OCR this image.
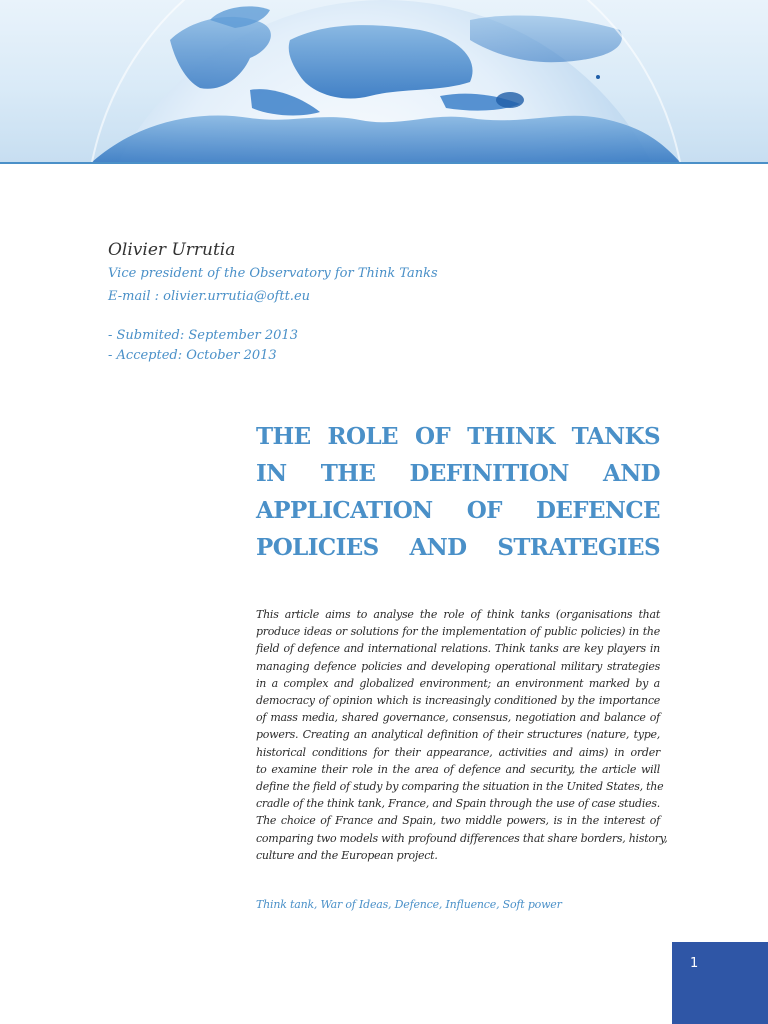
Olivier Urrutia
Vice president of the Observatory for Think Tanks
E-mail : olivier.urrutia@oftt.eu
- Submited: September 2013
- Accepted: October 2013
THE ROLE OF THINK TANKS
IN THE DEFINITION AND
APPLICATION OF DEFENCE
POLICIES AND STRATEGIES
This article aims to analyse the role of think tanks (organisations that
produce ideas or solutions for the implementation of public policies) in the
field of defence and international relations. Think tanks are key players in
managing defence policies and developing operational military strategies
in a complex and globalized environment; an environment marked by a
democracy of opinion which is increasingly conditioned by the importance
of mass media, shared governance, consensus, negotiation and balance of
powers. Creating an analytical definition of their structures (nature, type,
historical conditions for their appearance, activities and aims) in order
to examine their role in the area of defence and security, the article will
define the field of study by comparing the situation in the United States, the
cradle of the think tank, France, and Spain through the use of case studies.
The choice of France and Spain, two middle powers, is in the interest of
comparing two models with profound differences that share borders, history,
culture and the European project.
Think tank, War of Ideas, Defence, Influence, Soft power
1
